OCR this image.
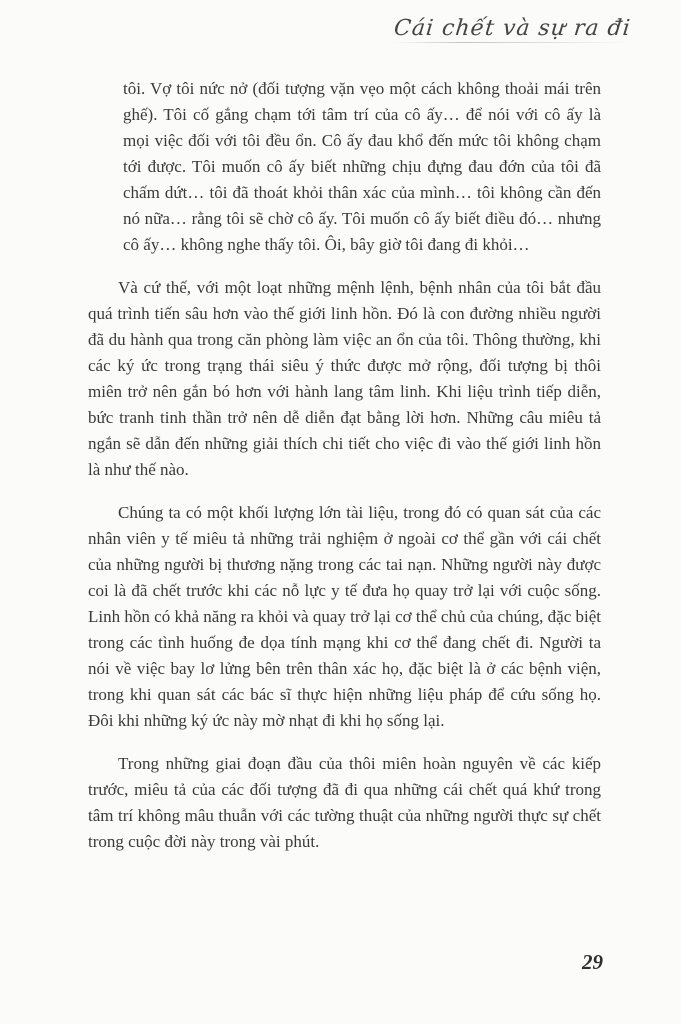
Cái chết và sự ra đi

tôi. Vợ tôi nức nở (đối tượng vặn vẹo một cách không thoải mái trên ghế). Tôi cố gắng chạm tới tâm trí của cô ấy… để nói với cô ấy là mọi việc đối với tôi đều ổn. Cô ấy đau khổ đến mức tôi không chạm tới được. Tôi muốn cô ấy biết những chịu đựng đau đớn của tôi đã chấm dứt… tôi đã thoát khỏi thân xác của mình… tôi không cần đến nó nữa… rằng tôi sẽ chờ cô ấy. Tôi muốn cô ấy biết điều đó… nhưng cô ấy… không nghe thấy tôi. Ôi, bây giờ tôi đang đi khỏi…

Và cứ thế, với một loạt những mệnh lệnh, bệnh nhân của tôi bắt đầu quá trình tiến sâu hơn vào thế giới linh hồn. Đó là con đường nhiều người đã du hành qua trong căn phòng làm việc an ổn của tôi. Thông thường, khi các ký ức trong trạng thái siêu ý thức được mở rộng, đối tượng bị thôi miên trở nên gắn bó hơn với hành lang tâm linh. Khi liệu trình tiếp diễn, bức tranh tinh thần trở nên dễ diễn đạt bằng lời hơn. Những câu miêu tả ngắn sẽ dẫn đến những giải thích chi tiết cho việc đi vào thế giới linh hồn là như thế nào.

Chúng ta có một khối lượng lớn tài liệu, trong đó có quan sát của các nhân viên y tế miêu tả những trải nghiệm ở ngoài cơ thể gần với cái chết của những người bị thương nặng trong các tai nạn. Những người này được coi là đã chết trước khi các nỗ lực y tế đưa họ quay trở lại với cuộc sống. Linh hồn có khả năng ra khỏi và quay trở lại cơ thể chủ của chúng, đặc biệt trong các tình huống đe dọa tính mạng khi cơ thể đang chết đi. Người ta nói về việc bay lơ lửng bên trên thân xác họ, đặc biệt là ở các bệnh viện, trong khi quan sát các bác sĩ thực hiện những liệu pháp để cứu sống họ. Đôi khi những ký ức này mờ nhạt đi khi họ sống lại.

Trong những giai đoạn đầu của thôi miên hoàn nguyên về các kiếp trước, miêu tả của các đối tượng đã đi qua những cái chết quá khứ trong tâm trí không mâu thuẫn với các tường thuật của những người thực sự chết trong cuộc đời này trong vài phút.

29
